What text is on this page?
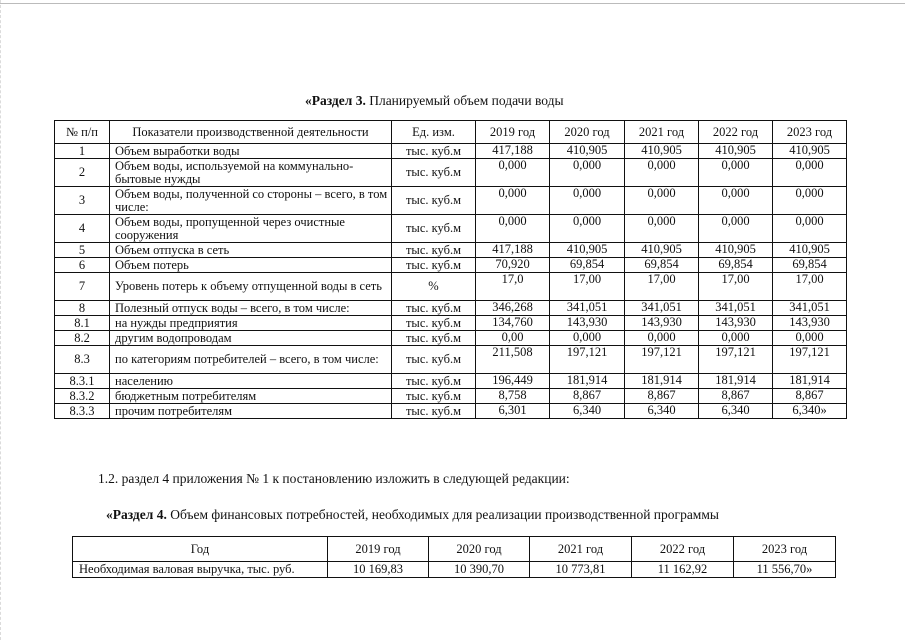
«Раздел 3. Планируемый объем подачи воды
№ п/п	Показатели производственной деятельности	Ед. изм.	2019 год	2020 год	2021 год	2022 год	2023 год
1	Объем выработки воды	тыс. куб.м	417,188	410,905	410,905	410,905	410,905
2	Объем воды, используемой на коммунально-бытовые нужды	тыс. куб.м	0,000	0,000	0,000	0,000	0,000
3	Объем воды, полученной со стороны – всего, в том числе:	тыс. куб.м	0,000	0,000	0,000	0,000	0,000
4	Объем воды, пропущенной через очистные сооружения	тыс. куб.м	0,000	0,000	0,000	0,000	0,000
5	Объем отпуска в сеть	тыс. куб.м	417,188	410,905	410,905	410,905	410,905
6	Объем потерь	тыс. куб.м	70,920	69,854	69,854	69,854	69,854
7	Уровень потерь к объему отпущенной воды в сеть	%	17,0	17,00	17,00	17,00	17,00
8	Полезный отпуск воды – всего, в том числе:	тыс. куб.м	346,268	341,051	341,051	341,051	341,051
8.1	на нужды предприятия	тыс. куб.м	134,760	143,930	143,930	143,930	143,930
8.2	другим водопроводам	тыс. куб.м	0,00	0,000	0,000	0,000	0,000
8.3	по категориям потребителей – всего, в том числе:	тыс. куб.м	211,508	197,121	197,121	197,121	197,121
8.3.1	населению	тыс. куб.м	196,449	181,914	181,914	181,914	181,914
8.3.2	бюджетным потребителям	тыс. куб.м	8,758	8,867	8,867	8,867	8,867
8.3.3	прочим потребителям	тыс. куб.м	6,301	6,340	6,340	6,340	6,340»
1.2. раздел 4 приложения № 1 к постановлению изложить в следующей редакции:
«Раздел 4. Объем финансовых потребностей, необходимых для реализации производственной программы
Год	2019 год	2020 год	2021 год	2022 год	2023 год
Необходимая валовая выручка, тыс. руб.	10 169,83	10 390,70	10 773,81	11 162,92	11 556,70»
